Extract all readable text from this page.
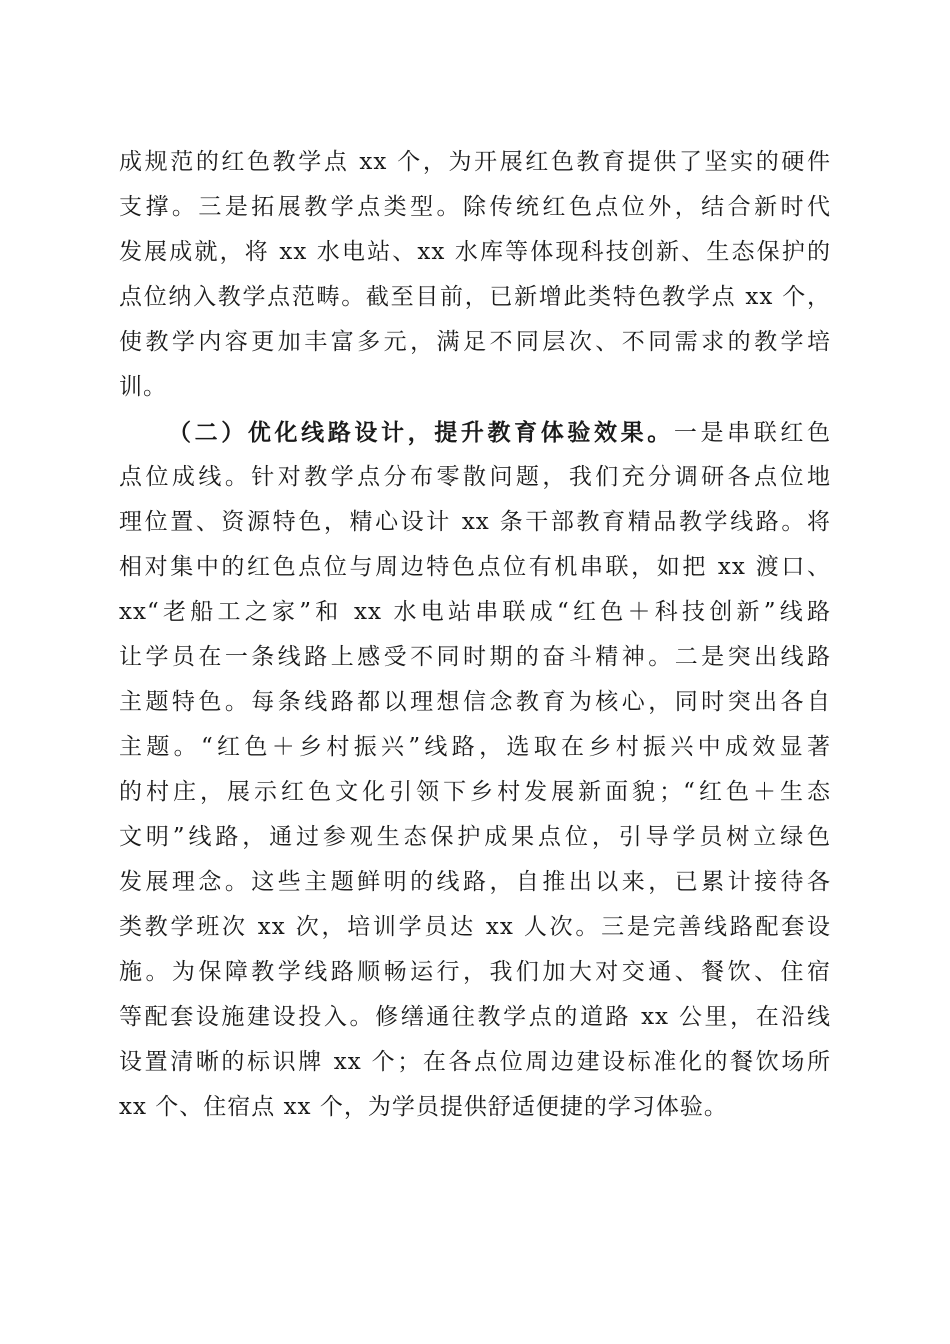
成规范的红色教学点 xx 个，为开展红色教育提供了坚实的硬件
支撑。三是拓展教学点类型。除传统红色点位外，结合新时代
发展成就，将 xx 水电站、xx 水库等体现科技创新、生态保护的
点位纳入教学点范畴。截至目前，已新增此类特色教学点 xx 个，
使教学内容更加丰富多元，满足不同层次、不同需求的教学培
训。
（二）优化线路设计，提升教育体验效果。一是串联红色
点位成线。针对教学点分布零散问题，我们充分调研各点位地
理位置、资源特色，精心设计 xx 条干部教育精品教学线路。将
相对集中的红色点位与周边特色点位有机串联，如把 xx 渡口、
xx“老船工之家”和 xx 水电站串联成“红色＋科技创新”线路
让学员在一条线路上感受不同时期的奋斗精神。二是突出线路
主题特色。每条线路都以理想信念教育为核心，同时突出各自
主题。“红色＋乡村振兴”线路，选取在乡村振兴中成效显著
的村庄，展示红色文化引领下乡村发展新面貌；“红色＋生态
文明”线路，通过参观生态保护成果点位，引导学员树立绿色
发展理念。这些主题鲜明的线路，自推出以来，已累计接待各
类教学班次 xx 次，培训学员达 xx 人次。三是完善线路配套设
施。为保障教学线路顺畅运行，我们加大对交通、餐饮、住宿
等配套设施建设投入。修缮通往教学点的道路 xx 公里，在沿线
设置清晰的标识牌 xx 个；在各点位周边建设标准化的餐饮场所
xx 个、住宿点 xx 个，为学员提供舒适便捷的学习体验。
